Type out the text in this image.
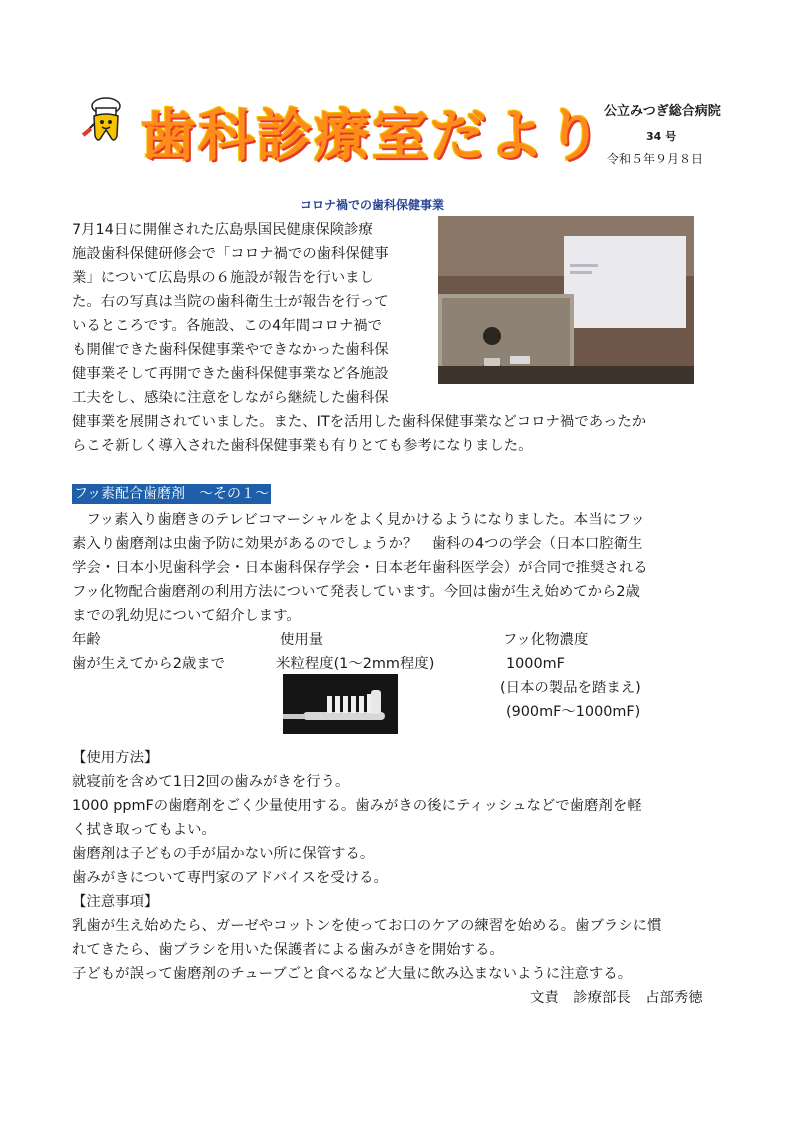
歯科診療室だより 公立みつぎ総合病院
34 号
令和５年９月８日
コロナ禍での歯科保健事業
7月14日に開催された広島県国民健康保険診療
施設歯科保健研修会で「コロナ禍での歯科保健事
業」について広島県の６施設が報告を行いまし
た。右の写真は当院の歯科衛生士が報告を行って
いるところです。各施設、この4年間コロナ禍で
も開催できた歯科保健事業やできなかった歯科保
健事業そして再開できた歯科保健事業など各施設
工夫をし、感染に注意をしながら継続した歯科保
健事業を展開されていました。また、ITを活用した歯科保健事業などコロナ禍であったか
らこそ新しく導入された歯科保健事業も有りとても参考になりました。
フッ素配合歯磨剤　～その１～
　フッ素入り歯磨きのテレビコマーシャルをよく見かけるようになりました。本当にフッ
素入り歯磨剤は虫歯予防に効果があるのでしょうか？　歯科の4つの学会（日本口腔衛生
学会・日本小児歯科学会・日本歯科保存学会・日本老年歯科医学会）が合同で推奨される
フッ化物配合歯磨剤の利用方法について発表しています。今回は歯が生え始めてから2歳
までの乳幼児について紹介します。
年齢	使用量	フッ化物濃度
歯が生えてから2歳まで	米粒程度(1～2mm程度)	1000mF
(日本の製品を踏まえ)
(900mF～1000mF)
【使用方法】
就寝前を含めて1日2回の歯みがきを行う。
1000 ppmFの歯磨剤をごく少量使用する。歯みがきの後にティッシュなどで歯磨剤を軽
く拭き取ってもよい。
歯磨剤は子どもの手が届かない所に保管する。
歯みがきについて専門家のアドバイスを受ける。
【注意事項】
乳歯が生え始めたら、ガーゼやコットンを使ってお口のケアの練習を始める。歯ブラシに慣
れてきたら、歯ブラシを用いた保護者による歯みがきを開始する。
子どもが誤って歯磨剤のチューブごと食べるなど大量に飲み込まないように注意する。
文責　診療部長　占部秀徳
